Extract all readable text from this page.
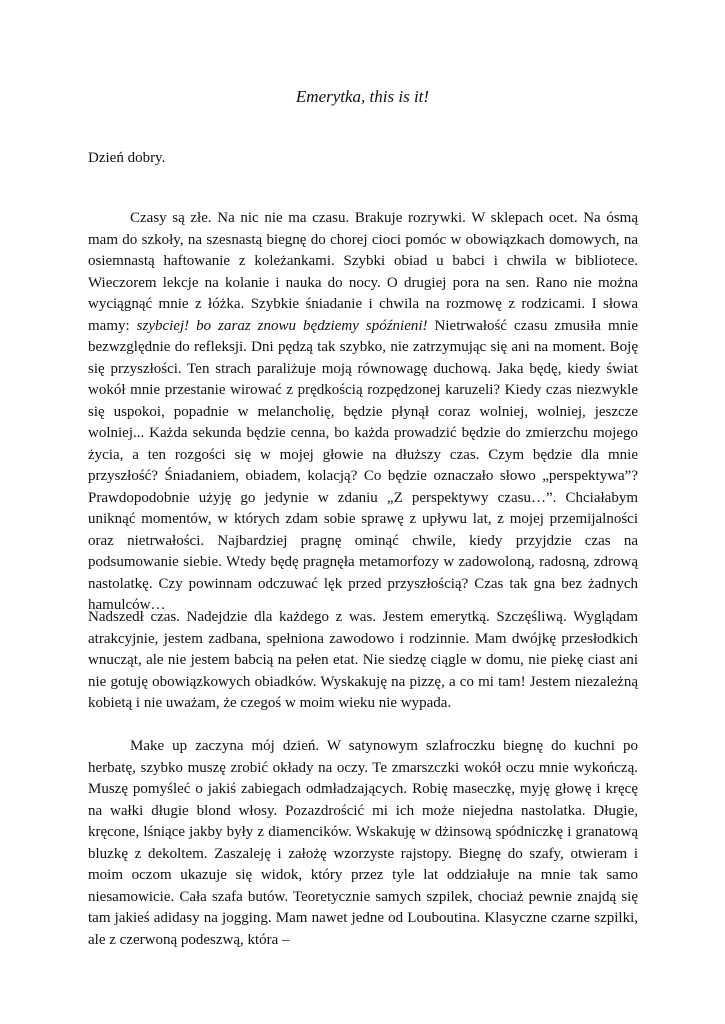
Emerytka, this is it!
Dzień dobry.

Czasy są złe. Na nic nie ma czasu. Brakuje rozrywki. W sklepach ocet. Na ósmą mam do szkoły, na szesnastą biegnę do chorej cioci pomóc w obowiązkach domowych, na osiemnastą haftowanie z koleżankami. Szybki obiad u babci i chwila w bibliotece. Wieczorem lekcje na kolanie i nauka do nocy. O drugiej pora na sen. Rano nie można wyciągnąć mnie z łóżka. Szybkie śniadanie i chwila na rozmowę z rodzicami. I słowa mamy: szybciej! bo zaraz znowu będziemy spóźnieni! Nietrwałość czasu zmusiła mnie bezwzględnie do refleksji. Dni pędzą tak szybko, nie zatrzymując się ani na moment. Boję się przyszłości. Ten strach paraliżuje moją równowagę duchową. Jaka będę, kiedy świat wokół mnie przestanie wirować z prędkością rozpędzonej karuzeli? Kiedy czas niezwykle się uspokoi, popadnie w melancholię, będzie płynął coraz wolniej, wolniej, jeszcze wolniej... Każda sekunda będzie cenna, bo każda prowadzić będzie do zmierzchu mojego życia, a ten rozgości się w mojej głowie na dłuższy czas. Czym będzie dla mnie przyszłość? Śniadaniem, obiadem, kolacją? Co będzie oznaczało słowo „perspektywa”? Prawdopodobnie użyję go jedynie w zdaniu „Z perspektywy czasu…”. Chciałabym uniknąć momentów, w których zdam sobie sprawę z upływu lat, z mojej przemijalności oraz nietrwałości. Najbardziej pragnę ominąć chwile, kiedy przyjdzie czas na podsumowanie siebie. Wtedy będę pragnęła metamorfozy w zadowoloną, radosną, zdrową nastolatkę. Czy powinnam odczuwać lęk przed przyszłością? Czas tak gna bez żadnych hamulców…

Nadszedł czas. Nadejdzie dla każdego z was. Jestem emerytką. Szczęśliwą. Wyglądam atrakcyjnie, jestem zadbana, spełniona zawodowo i rodzinnie. Mam dwójkę przesłodkich wnucząt, ale nie jestem babcią na pełen etat. Nie siedzę ciągle w domu, nie piekę ciast ani nie gotuję obowiązkowych obiadków. Wyskakuję na pizzę, a co mi tam! Jestem niezależną kobietą i nie uważam, że czegoś w moim wieku nie wypada.

Make up zaczyna mój dzień. W satynowym szlafroczku biegnę do kuchni po herbatę, szybko muszę zrobić okłady na oczy. Te zmarszczki wokół oczu mnie wykończą. Muszę pomyśleć o jakiś zabiegach odmładzających. Robię maseczkę, myję głowę i kręcę na wałki długie blond włosy. Pozazdrościć mi ich może niejedna nastolatka. Długie, kręcone, lśniące jakby były z diamencików. Wskakuję w dżinsową spódniczkę i granatową bluzkę z dekoltem. Zaszaleję i założę wzorzyste rajstopy. Biegnę do szafy, otwieram i moim oczom ukazuje się widok, który przez tyle lat oddziałuje na mnie tak samo niesamowicie. Cała szafa butów. Teoretycznie samych szpilek, chociaż pewnie znajdą się tam jakieś adidasy na jogging. Mam nawet jedne od Louboutina. Klasyczne czarne szpilki, ale z czerwoną podeszwą, która –
